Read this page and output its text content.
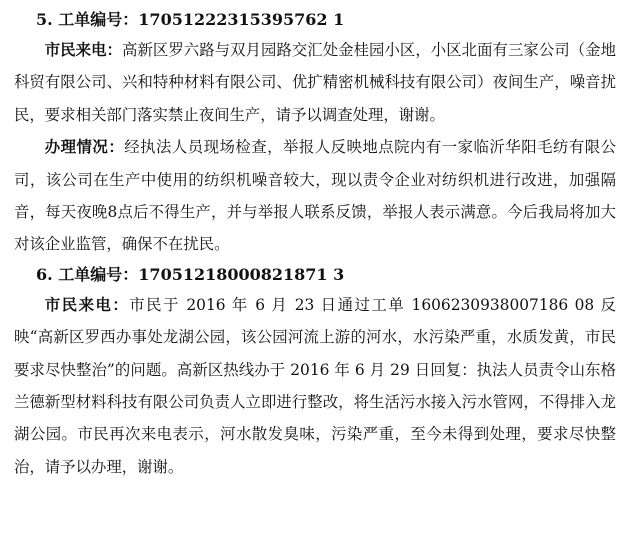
5. 工单编号：17051222315395762 1

市民来电：高新区罗六路与双月园路交汇处金桂园小区，小区北面有三家公司（金地科贸有限公司、兴和特种材料有限公司、优扩精密机械科技有限公司）夜间生产，噪音扰民，要求相关部门落实禁止夜间生产，请予以调查处理，谢谢。

办理情况：经执法人员现场检查，举报人反映地点院内有一家临沂华阳毛纺有限公司，该公司在生产中使用的纺织机噪音较大，现以责令企业对纺织机进行改进，加强隔音，每天夜晚8点后不得生产，并与举报人联系反馈，举报人表示满意。今后我局将加大对该企业监管，确保不在扰民。

6. 工单编号：17051218000821871 3

市民来电：市民于 2016 年 6 月 23 日通过工单 1606230938007186 08 反映“高新区罗西办事处龙湖公园，该公园河流上游的河水，水污染严重，水质发黄，市民要求尽快整治”的问题。高新区热线办于 2016 年 6 月 29 日回复：执法人员责令山东格兰德新型材料科技有限公司负责人立即进行整改，将生活污水接入污水管网，不得排入龙湖公园。市民再次来电表示，河水散发臭味，污染严重，至今未得到处理，要求尽快整治，请予以办理，谢谢。
